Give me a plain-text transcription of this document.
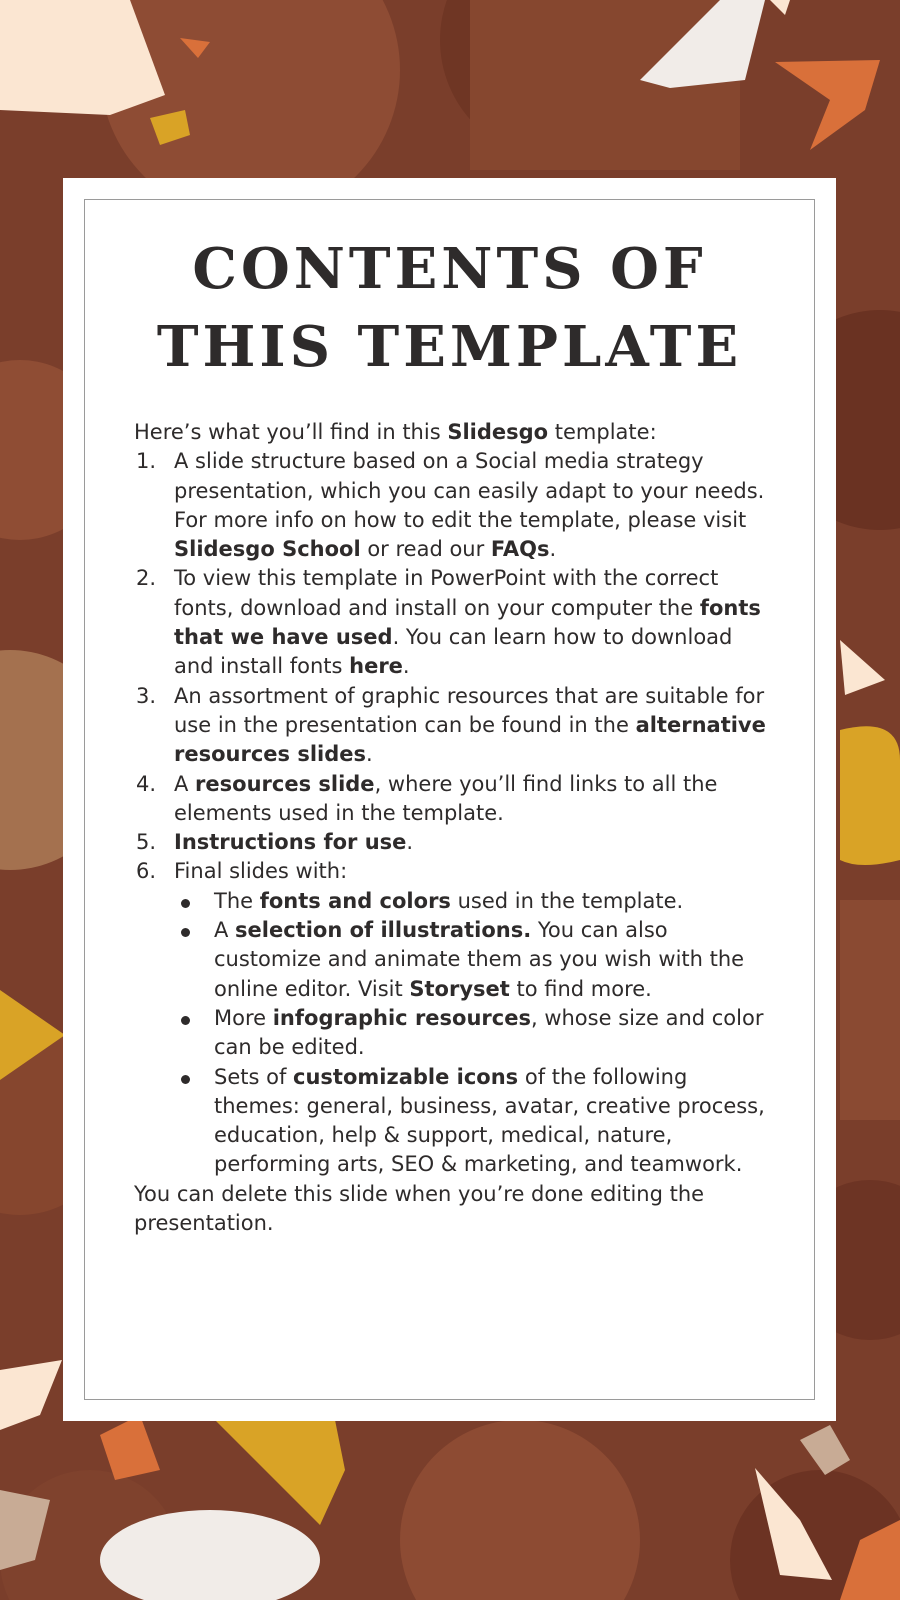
CONTENTS OF
THIS TEMPLATE

Here’s what you’ll find in this Slidesgo template:

1. A slide structure based on a Social media strategy presentation, which you can easily adapt to your needs. For more info on how to edit the template, please visit Slidesgo School or read our FAQs.
2. To view this template in PowerPoint with the correct fonts, download and install on your computer the fonts that we have used. You can learn how to download and install fonts here.
3. An assortment of graphic resources that are suitable for use in the presentation can be found in the alternative resources slides.
4. A resources slide, where you’ll find links to all the elements used in the template.
5. Instructions for use.
6. Final slides with:
The fonts and colors used in the template.
A selection of illustrations. You can also customize and animate them as you wish with the online editor. Visit Storyset to find more.
More infographic resources, whose size and color can be edited.
Sets of customizable icons of the following themes: general, business, avatar, creative process, education, help & support, medical, nature, performing arts, SEO & marketing, and teamwork.

You can delete this slide when you’re done editing the presentation.
